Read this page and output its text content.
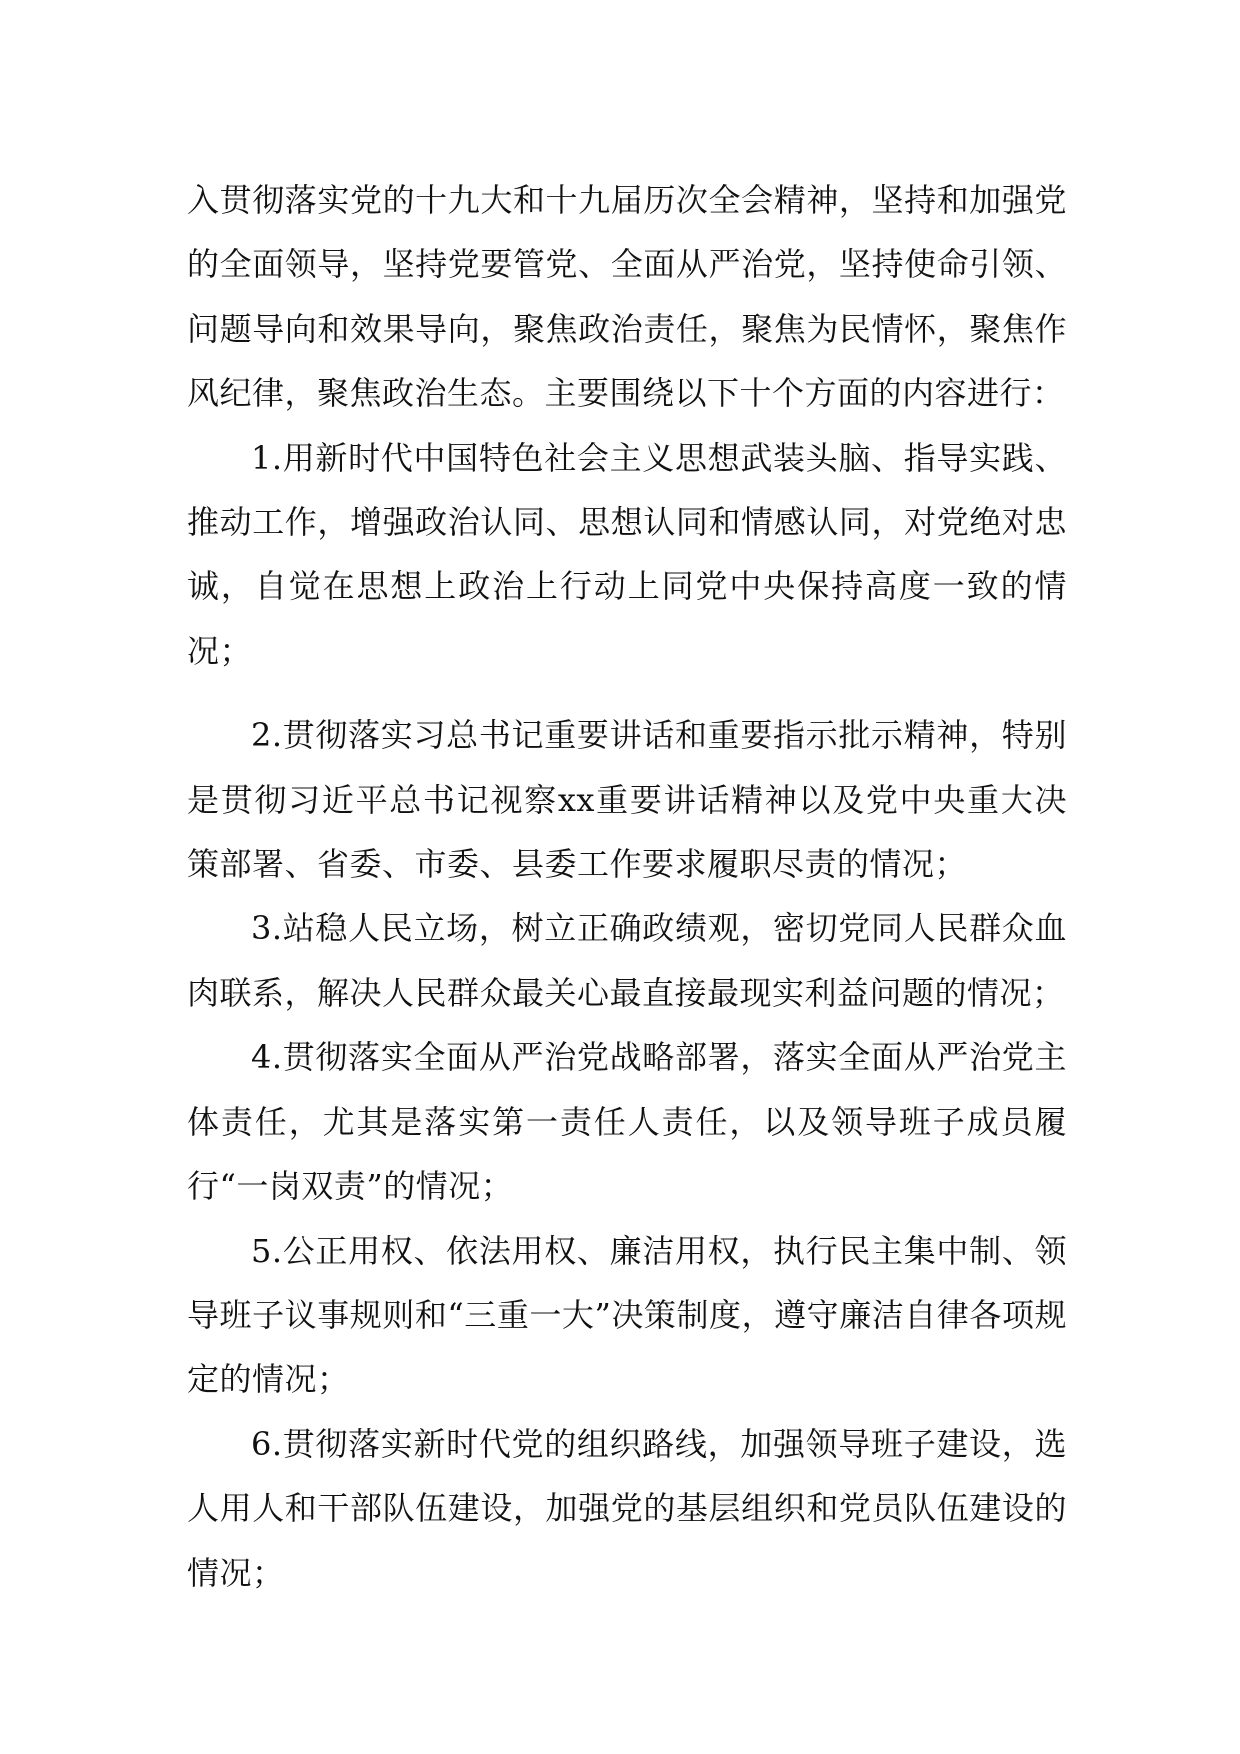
入贯彻落实党的十九大和十九届历次全会精神，坚持和加强党的全面领导，坚持党要管党、全面从严治党，坚持使命引领、问题导向和效果导向，聚焦政治责任，聚焦为民情怀，聚焦作风纪律，聚焦政治生态。主要围绕以下十个方面的内容进行：

1.用新时代中国特色社会主义思想武装头脑、指导实践、推动工作，增强政治认同、思想认同和情感认同，对党绝对忠诚，自觉在思想上政治上行动上同党中央保持高度一致的情况；

2.贯彻落实习总书记重要讲话和重要指示批示精神，特别是贯彻习近平总书记视察xx重要讲话精神以及党中央重大决策部署、省委、市委、县委工作要求履职尽责的情况；

3.站稳人民立场，树立正确政绩观，密切党同人民群众血肉联系，解决人民群众最关心最直接最现实利益问题的情况；

4.贯彻落实全面从严治党战略部署，落实全面从严治党主体责任，尤其是落实第一责任人责任，以及领导班子成员履行“一岗双责”的情况；

5.公正用权、依法用权、廉洁用权，执行民主集中制、领导班子议事规则和“三重一大”决策制度，遵守廉洁自律各项规定的情况；

6.贯彻落实新时代党的组织路线，加强领导班子建设，选人用人和干部队伍建设，加强党的基层组织和党员队伍建设的情况；
